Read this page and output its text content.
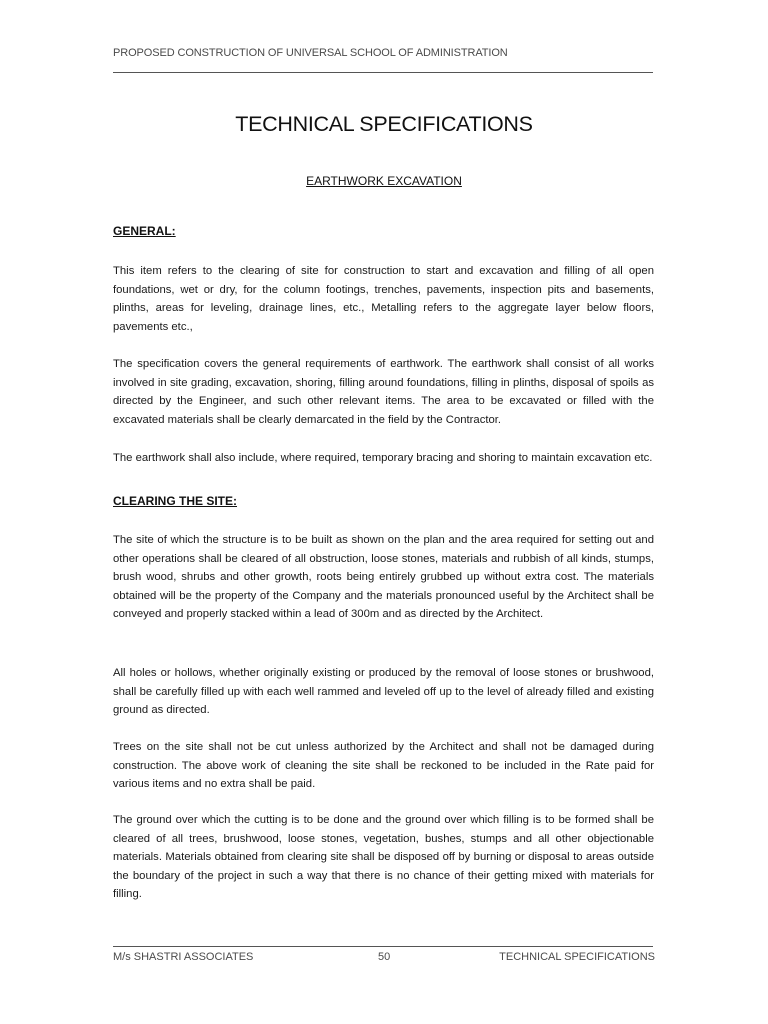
PROPOSED CONSTRUCTION OF UNIVERSAL SCHOOL OF ADMINISTRATION
TECHNICAL SPECIFICATIONS
EARTHWORK EXCAVATION
GENERAL:

This item refers to the clearing of site for construction to start and excavation and filling of all open foundations, wet or dry, for the column footings, trenches, pavements, inspection pits and basements, plinths, areas for leveling, drainage lines, etc., Metalling refers to the aggregate layer below floors, pavements etc.,

The specification covers the general requirements of earthwork. The earthwork shall consist of all works involved in site grading, excavation, shoring, filling around foundations, filling in plinths, disposal of spoils as directed by the Engineer, and such other relevant items. The area to be excavated or filled with the excavated materials shall be clearly demarcated in the field by the Contractor.

The earthwork shall also include, where required, temporary bracing and shoring to maintain excavation etc.

CLEARING THE SITE:

The site of which the structure is to be built as shown on the plan and the area required for setting out and other operations shall be cleared of all obstruction, loose stones, materials and rubbish of all kinds, stumps, brush wood, shrubs and other growth, roots being entirely grubbed up without extra cost. The materials obtained will be the property of the Company and the materials pronounced useful by the Architect shall be conveyed and properly stacked within a lead of 300m and as directed by the Architect.

All holes or hollows, whether originally existing or produced by the removal of loose stones or brushwood, shall be carefully filled up with each well rammed and leveled off up to the level of already filled and existing ground as directed.

Trees on the site shall not be cut unless authorized by the Architect and shall not be damaged during construction. The above work of cleaning the site shall be reckoned to be included in the Rate paid for various items and no extra shall be paid.

The ground over which the cutting is to be done and the ground over which filling is to be formed shall be cleared of all trees, brushwood, loose stones, vegetation, bushes, stumps and all other objectionable materials. Materials obtained from clearing site shall be disposed off by burning or disposal to areas outside the boundary of the project in such a way that there is no chance of their getting mixed with materials for filling.

M/s SHASTRI ASSOCIATES	50	TECHNICAL SPECIFICATIONS
